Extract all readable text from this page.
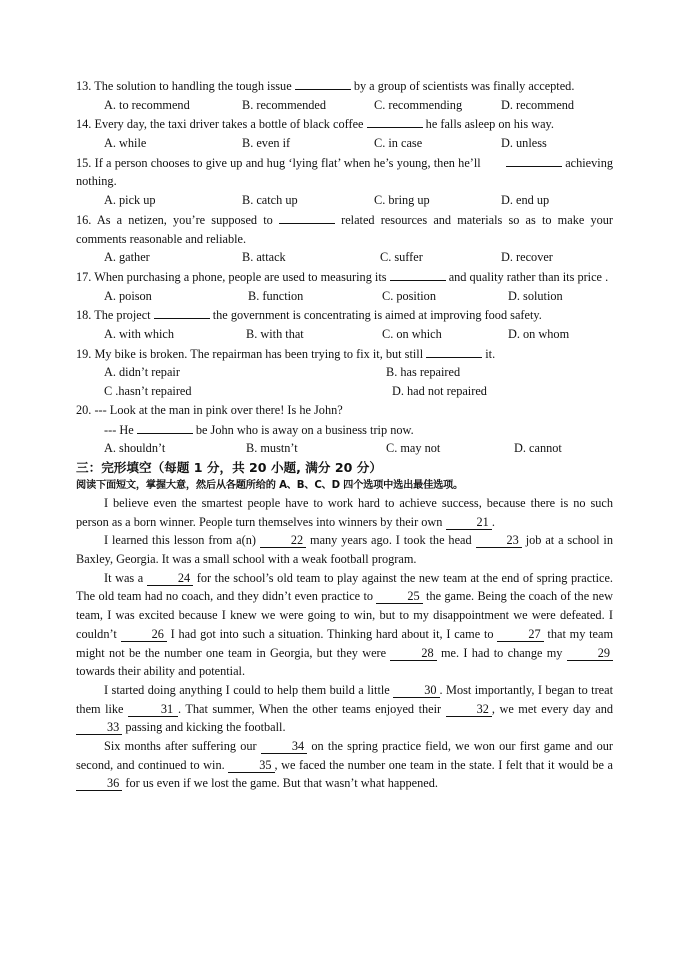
13. The solution to handling the tough issue	by a group of scientists was finally accepted.

A. to recommend	B. recommended	C. recommending	D. recommend

14. Every day, the taxi driver takes a bottle of black coffee	he falls asleep on his way.

A. while	B. even if	C. in case	D. unless

15. If a person chooses to give up and hug ‘lying flat’ when he’s young, then he’ll	achieving nothing.

A. pick up	B. catch up	C. bring up	D. end up

16. As a netizen, you’re supposed to	related resources and materials so as to make your comments reasonable and reliable.

A. gather	B. attack	C. suffer	D. recover

17. When purchasing a phone, people are used to measuring its	and quality rather than its price .

A. poison	B. function	C. position	D. solution

18. The project	the government is concentrating is aimed at improving food safety.

A. with which	B. with that	C. on which	D. on whom

19. My bike is broken. The repairman has been trying to fix it, but still	it.

A. didn’t repair	B. has repaired
C .hasn’t repaired	D. had not repaired

20. --- Look at the man in pink over there! Is he John?

--- He	be John who is away on a business trip now.

A. shouldn’t	B. mustn’t	C. may not	D. cannot

三：完形填空（每题 1 分，共 20 小题, 满分 20 分）

阅读下面短文，掌握大意，然后从各题所给的 A、B、C、D 四个选项中选出最佳选项。

I believe even the smartest people have to work hard to achieve success, because there is no such person as a born winner. People turn themselves into winners by their own	21 .

I learned this lesson from a(n)	22 many years ago. I took the head	23 job at a school in Baxley, Georgia. It was a small school with a weak football program.

It was a	24 for the school’s old team to play against the new team at the end of spring practice. The old team had no coach, and they didn’t even practice to	25 the game. Being the coach of the new team, I was excited because I knew we were going to win, but to my disappointment we were defeated. I couldn’t	26 I had got into such a situation. Thinking hard about it, I came to	27 that my team might not be the number one team in Georgia, but they were	28 me. I had to change my	29 towards their ability and potential.

I started doing anything I could to help them build a little	30 . Most importantly, I began to treat them like	31 . That summer, When the other teams enjoyed their	32 , we met every day and 33 passing and kicking the football.

Six months after suffering our	34 on the spring practice field, we won our first game and our second, and continued to win.	35 , we faced the number one team in the state. I felt that it would be a 36 for us even if we lost the game. But that wasn’t what happened.
